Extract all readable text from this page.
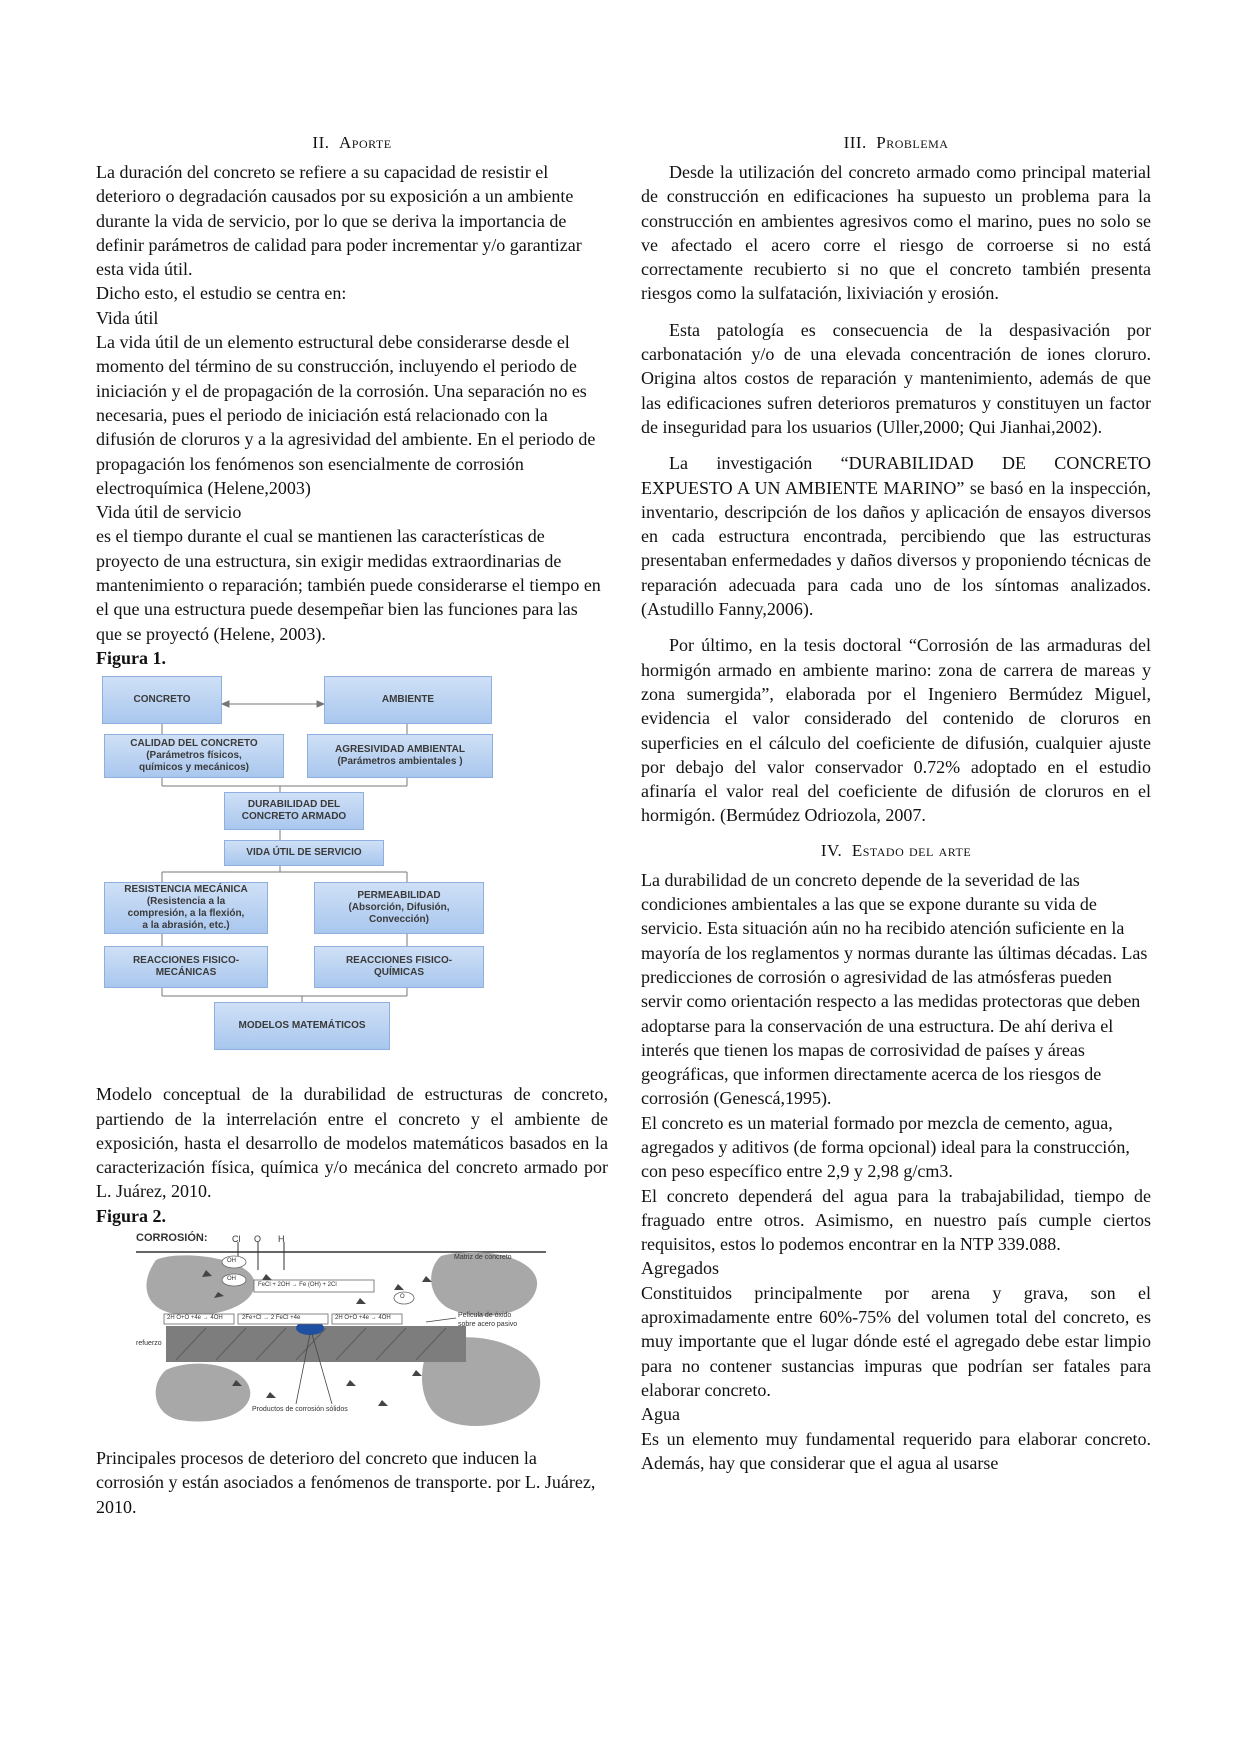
II. Aporte

La duración del concreto se refiere a su capacidad de resistir el deterioro o degradación causados por su exposición a un ambiente durante la vida de servicio, por lo que se deriva la importancia de definir parámetros de calidad para poder incrementar y/o garantizar esta vida útil.

Dicho esto, el estudio se centra en:

Vida útil

La vida útil de un elemento estructural debe considerarse desde el momento del término de su construcción, incluyendo el periodo de iniciación y el de propagación de la corrosión. Una separación no es necesaria, pues el periodo de iniciación está relacionado con la difusión de cloruros y a la agresividad del ambiente. En el periodo de propagación los fenómenos son esencialmente de corrosión electroquímica (Helene,2003)

Vida útil de servicio

es el tiempo durante el cual se mantienen las características de proyecto de una estructura, sin exigir medidas extraordinarias de mantenimiento o reparación; también puede considerarse el tiempo en el que una estructura puede desempeñar bien las funciones para las que se proyectó (Helene, 2003).

Figura 1.

CONCRETO	AMBIENTE
CALIDAD DEL CONCRETO
(Parámetros físicos,
químicos y mecánicos)
AGRESIVIDAD AMBIENTAL
(Parámetros ambientales )
DURABILIDAD DEL
CONCRETO ARMADO
VIDA ÚTIL DE SERVICIO
RESISTENCIA MECÁNICA
(Resistencia a la
compresión, a la flexión,
a la abrasión, etc.)
PERMEABILIDAD
(Absorción, Difusión,
Convección)
REACCIONES FISICO-
MECÁNICAS
REACCIONES FISICO-
QUÍMICAS
MODELOS MATEMÁTICOS

Modelo conceptual de la durabilidad de estructuras de concreto, partiendo de la interrelación entre el concreto y el ambiente de exposición, hasta el desarrollo de modelos matemáticos basados en la caracterización física, química y/o mecánica del concreto armado por L. Juárez, 2010.

Figura 2.

CORROSIÓN:	Cl O H
Matriz de concreto
OH
OH
FeCl + 2OH → Fe (OH) + 2Cl
2H O+O +4e → 4OH	2Fe+Cl → 2 FeCl +4e	2H O+O +4e → 4OH
O
Película de óxido
sobre acero pasivo
refuerzo
Productos de corrosión sólidos

Principales procesos de deterioro del concreto que inducen la corrosión y están asociados a fenómenos de transporte. por L. Juárez, 2010.

III. Problema

Desde la utilización del concreto armado como principal material de construcción en edificaciones ha supuesto un problema para la construcción en ambientes agresivos como el marino, pues no solo se ve afectado el acero corre el riesgo de corroerse si no está correctamente recubierto si no que el concreto también presenta riesgos como la sulfatación, lixiviación y erosión.

Esta patología es consecuencia de la despasivación por carbonatación y/o de una elevada concentración de iones cloruro. Origina altos costos de reparación y mantenimiento, además de que las edificaciones sufren deterioros prematuros y constituyen un factor de inseguridad para los usuarios (Uller,2000; Qui Jianhai,2002).

La investigación “DURABILIDAD DE CONCRETO EXPUESTO A UN AMBIENTE MARINO” se basó en la inspección, inventario, descripción de los daños y aplicación de ensayos diversos en cada estructura encontrada, percibiendo que las estructuras presentaban enfermedades y daños diversos y proponiendo técnicas de reparación adecuada para cada uno de los síntomas analizados.(Astudillo Fanny,2006).

Por último, en la tesis doctoral “Corrosión de las armaduras del hormigón armado en ambiente marino: zona de carrera de mareas y zona sumergida”, elaborada por el Ingeniero Bermúdez Miguel, evidencia el valor considerado del contenido de cloruros en superficies en el cálculo del coeficiente de difusión, cualquier ajuste por debajo del valor conservador 0.72% adoptado en el estudio afinaría el valor real del coeficiente de difusión de cloruros en el hormigón. (Bermúdez Odriozola, 2007.

IV. Estado del arte

La durabilidad de un concreto depende de la severidad de las condiciones ambientales a las que se expone durante su vida de servicio. Esta situación aún no ha recibido atención suficiente en la mayoría de los reglamentos y normas durante las últimas décadas. Las predicciones de corrosión o agresividad de las atmósferas pueden servir como orientación respecto a las medidas protectoras que deben adoptarse para la conservación de una estructura. De ahí deriva el interés que tienen los mapas de corrosividad de países y áreas geográficas, que informen directamente acerca de los riesgos de corrosión (Genescá,1995).

El concreto es un material formado por mezcla de cemento, agua, agregados y aditivos (de forma opcional) ideal para la construcción, con peso específico entre 2,9 y 2,98 g/cm3.

El concreto dependerá del agua para la trabajabilidad, tiempo de fraguado entre otros. Asimismo, en nuestro país cumple ciertos requisitos, estos lo podemos encontrar en la NTP 339.088.

Agregados

Constituidos principalmente por arena y grava, son el aproximadamente entre 60%-75% del volumen total del concreto, es muy importante que el lugar dónde esté el agregado debe estar limpio para no contener sustancias impuras que podrían ser fatales para elaborar concreto.

Agua

Es un elemento muy fundamental requerido para elaborar concreto. Además, hay que considerar que el agua al usarse
